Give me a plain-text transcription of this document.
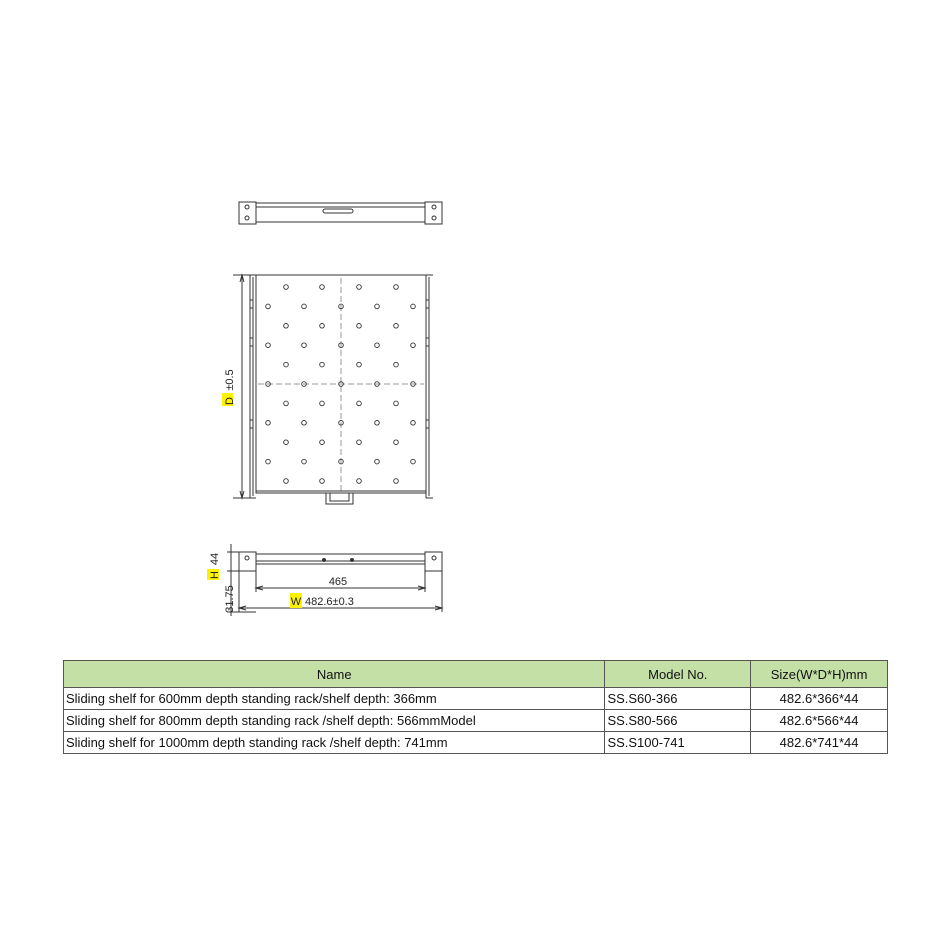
D
±0.5
H
44
31.75
465
W 482.6±0.3
Name	Model No.	Size(W*D*H)mm
Sliding shelf for 600mm depth standing rack/shelf depth: 366mm	SS.S60-366	482.6*366*44
Sliding shelf for 800mm depth standing rack /shelf depth: 566mmModel	SS.S80-566	482.6*566*44
Sliding shelf for 1000mm depth standing rack /shelf depth: 741mm	SS.S100-741	482.6*741*44
